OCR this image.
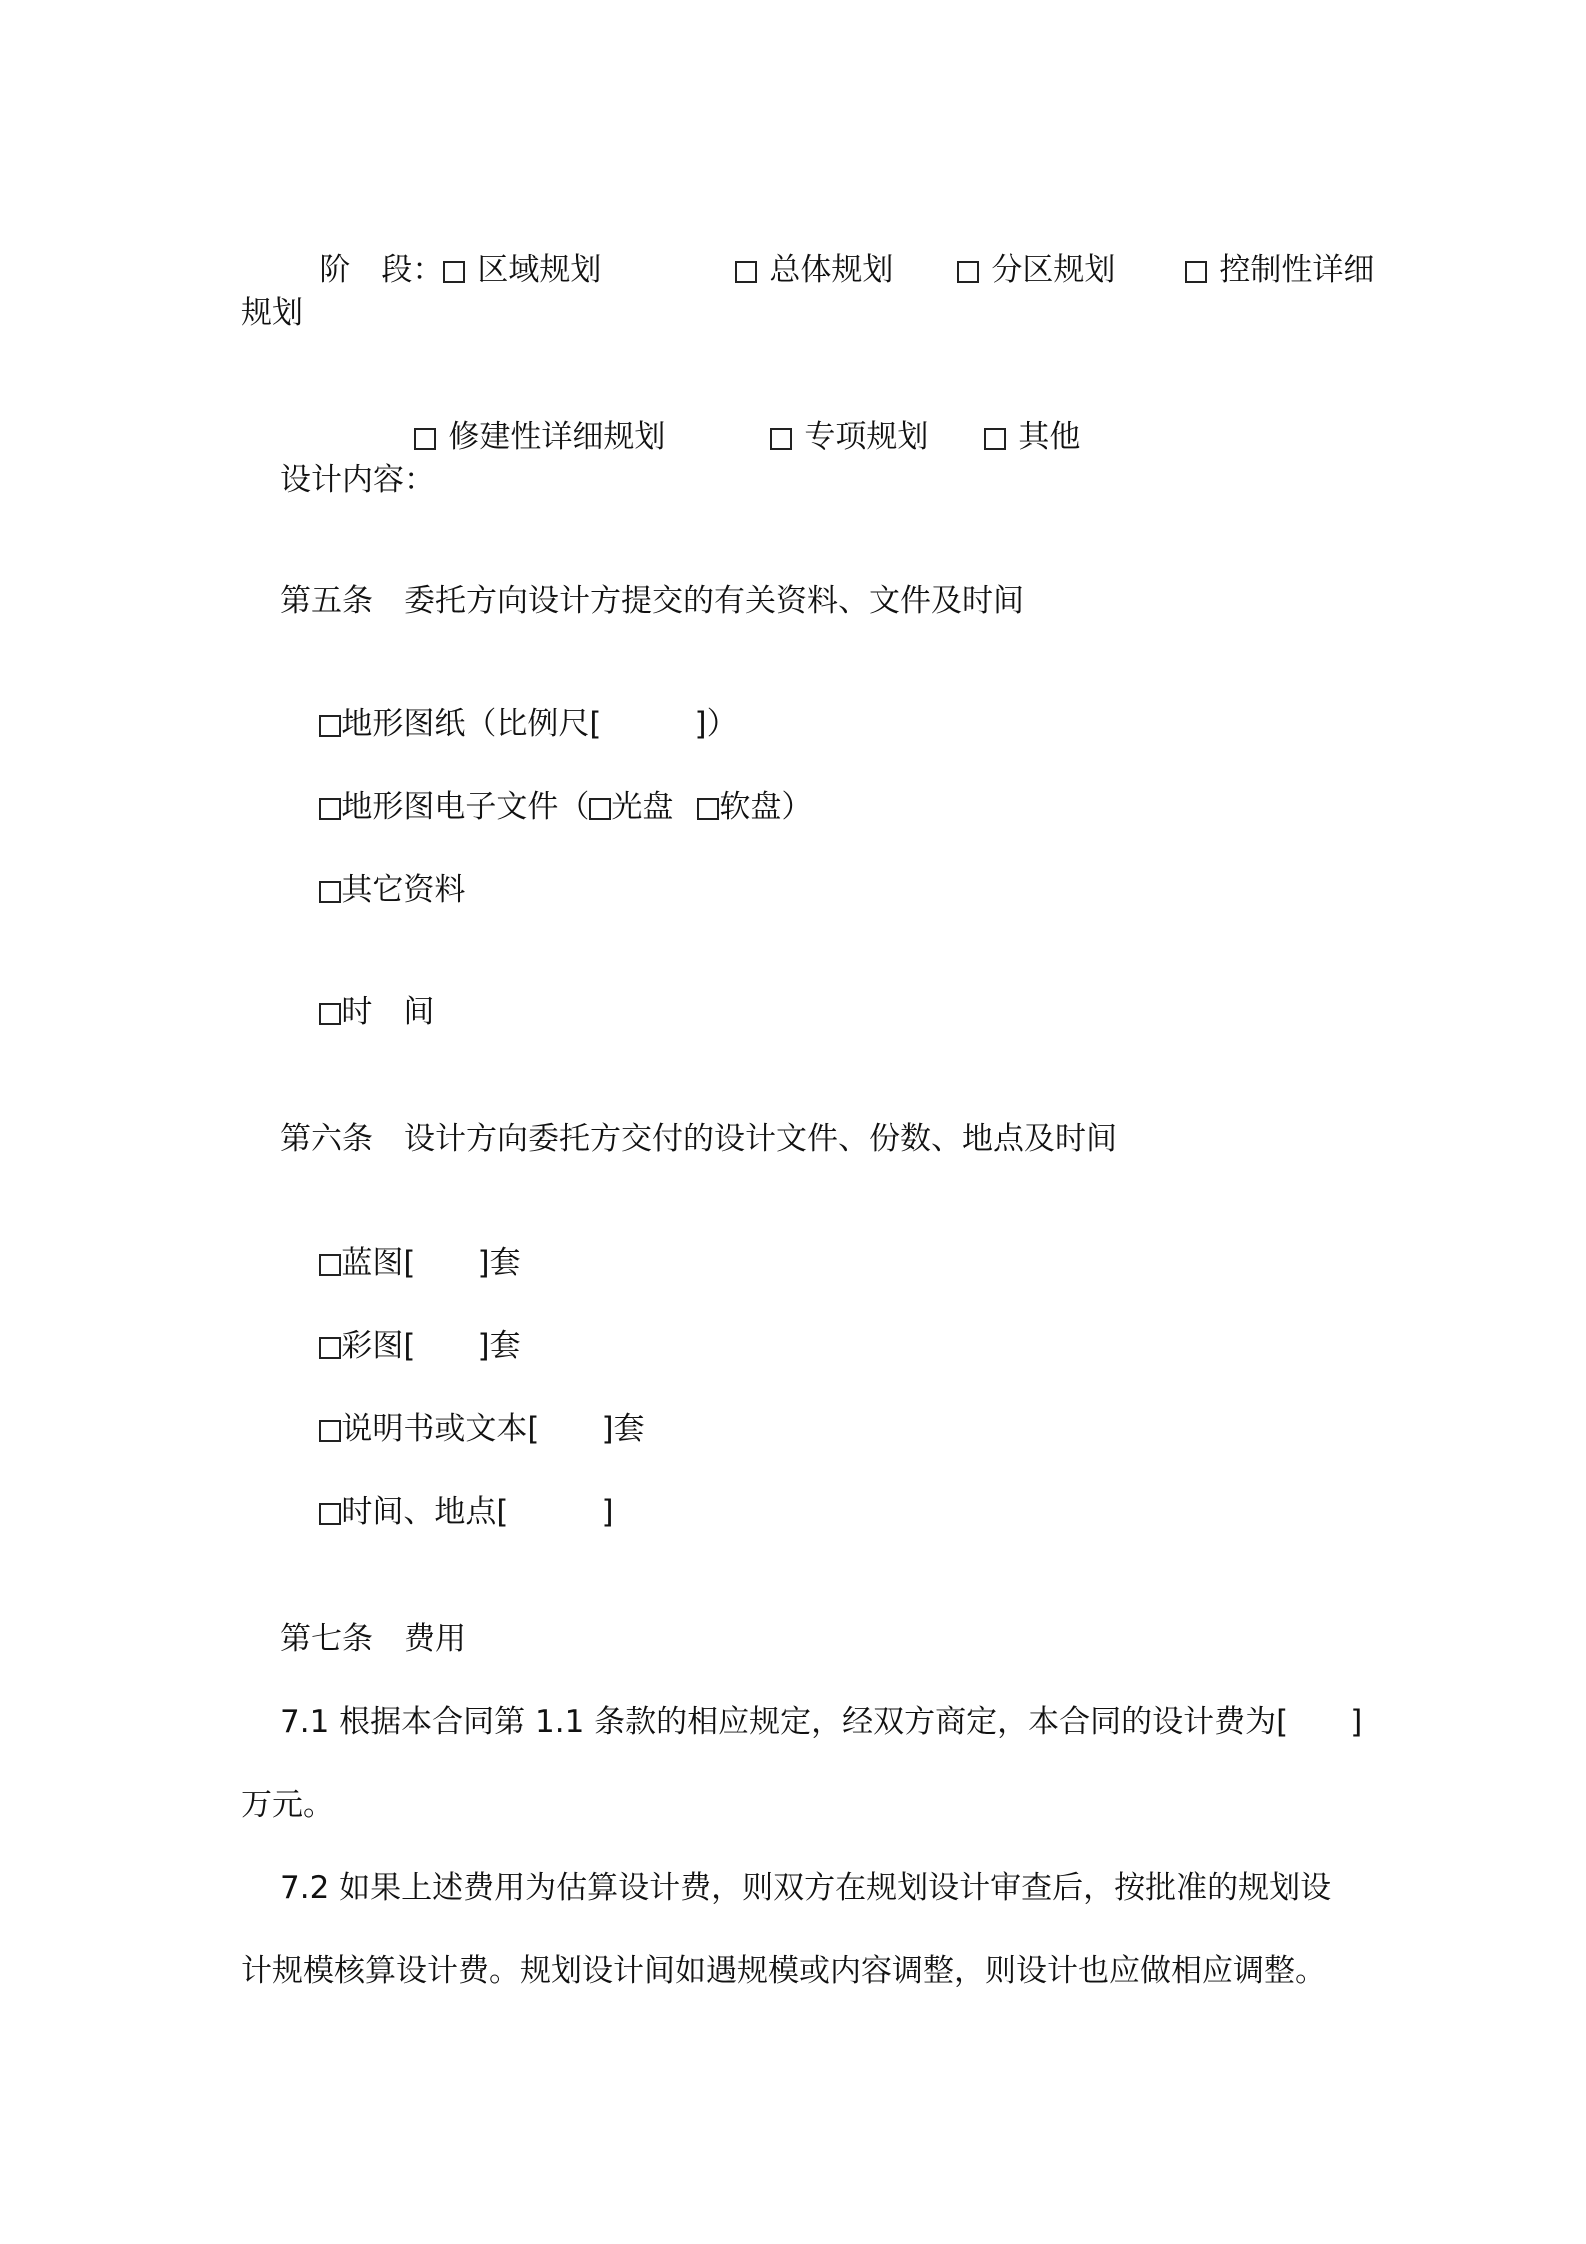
阶　段： 区域规划
	总体规划
	分区规划
	控制性详细

规划

修建性详细规划
	专项规划
	其他

设计内容：
第五条　委托方向设计方提交的有关资料、文件及时间

地形图纸（比例尺[　　　]）

地形图电子文件（ 光盘 软盘）

其它资料

时　间

第六条　设计方向委托方交付的设计文件、份数、地点及时间

蓝图[　　]套

彩图[　　]套

说明书或文本[　　]套

时间、地点[　　　]

第七条　费用
7.1 根据本合同第 1.1 条款的相应规定，经双方商定，本合同的设计费为[　　]
万元。
7.2 如果上述费用为估算设计费，则双方在规划设计审查后，按批准的规划设
计规模核算设计费。规划设计间如遇规模或内容调整，则设计也应做相应调整。
